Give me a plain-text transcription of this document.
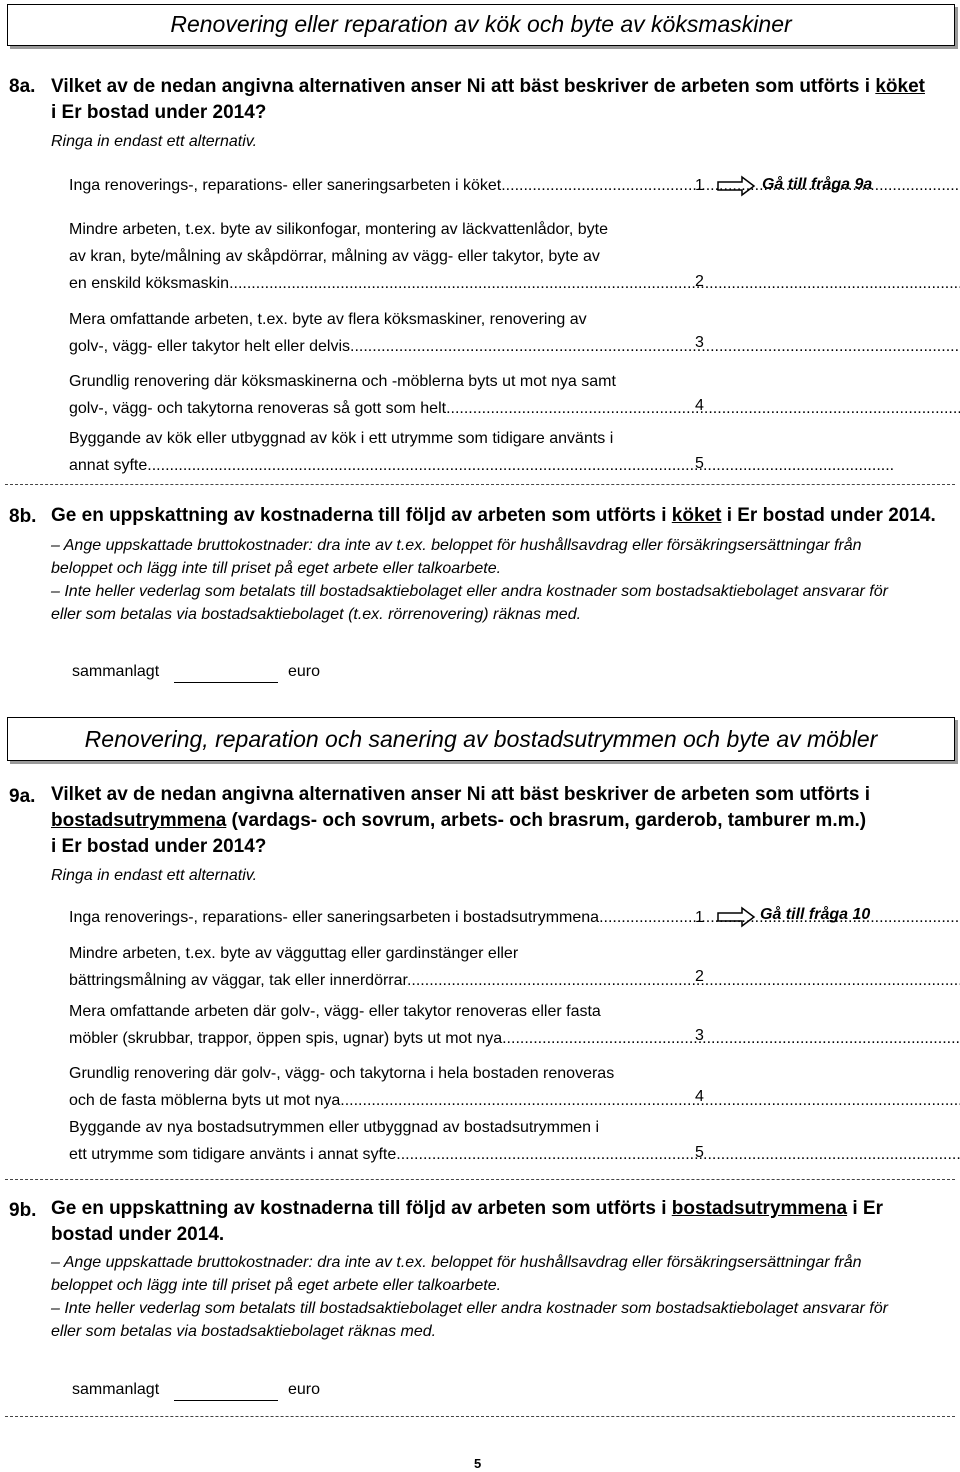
Renovering eller reparation av kök och byte av köksmaskiner
8a. Vilket av de nedan angivna alternativen anser Ni att bäst beskriver de arbeten som utförts i köket
i Er bostad under 2014?
Ringa in endast ett alternativ.
Inga renoverings-, reparations- eller saneringsarbeten i köket .....	1	Gå till fråga 9a
Mindre arbeten, t.ex. byte av silikonfogar, montering av läckvattenlådor, byte
av kran, byte/målning av skåpdörrar, målning av vägg- eller takytor, byte av
en enskild köksmaskin .....	2
Mera omfattande arbeten, t.ex. byte av flera köksmaskiner, renovering av
golv-, vägg- eller takytor helt eller delvis .....	3
Grundlig renovering där köksmaskinerna och -möblerna byts ut mot nya samt
golv-, vägg- och takytorna renoveras så gott som helt .....	4
Byggande av kök eller utbyggnad av kök i ett utrymme som tidigare använts i
annat syfte .....	5
8b. Ge en uppskattning av kostnaderna till följd av arbeten som utförts i köket i Er bostad under 2014.
– Ange uppskattade bruttokostnader: dra inte av t.ex. beloppet för hushållsavdrag eller försäkringsersättningar från
beloppet och lägg inte till priset på eget arbete eller talkoarbete.
– Inte heller vederlag som betalats till bostadsaktiebolaget eller andra kostnader som bostadsaktiebolaget ansvarar för
eller som betalas via bostadsaktiebolaget (t.ex. rörrenovering) räknas med.
sammanlagt	euro
Renovering, reparation och sanering av bostadsutrymmen och byte av möbler
9a. Vilket av de nedan angivna alternativen anser Ni att bäst beskriver de arbeten som utförts i
bostadsutrymmena (vardags- och sovrum, arbets- och brasrum, garderob, tamburer m.m.)
i Er bostad under 2014?
Ringa in endast ett alternativ.
Inga renoverings-, reparations- eller saneringsarbeten i bostadsutrymmena .....	1	Gå till fråga 10
Mindre arbeten, t.ex. byte av vägguttag eller gardinstänger eller
bättringsmålning av väggar, tak eller innerdörrar .....	2
Mera omfattande arbeten där golv-, vägg- eller takytor renoveras eller fasta
möbler (skrubbar, trappor, öppen spis, ugnar) byts ut mot nya .....	3
Grundlig renovering där golv-, vägg- och takytorna i hela bostaden renoveras
och de fasta möblerna byts ut mot nya .....	4
Byggande av nya bostadsutrymmen eller utbyggnad av bostadsutrymmen i
ett utrymme som tidigare använts i annat syfte .....	5
9b. Ge en uppskattning av kostnaderna till följd av arbeten som utförts i bostadsutrymmena i Er
bostad under 2014.
– Ange uppskattade bruttokostnader: dra inte av t.ex. beloppet för hushållsavdrag eller försäkringsersättningar från
beloppet och lägg inte till priset på eget arbete eller talkoarbete.
– Inte heller vederlag som betalats till bostadsaktiebolaget eller andra kostnader som bostadsaktiebolaget ansvarar för
eller som betalas via bostadsaktiebolaget räknas med.
sammanlagt	euro
5
